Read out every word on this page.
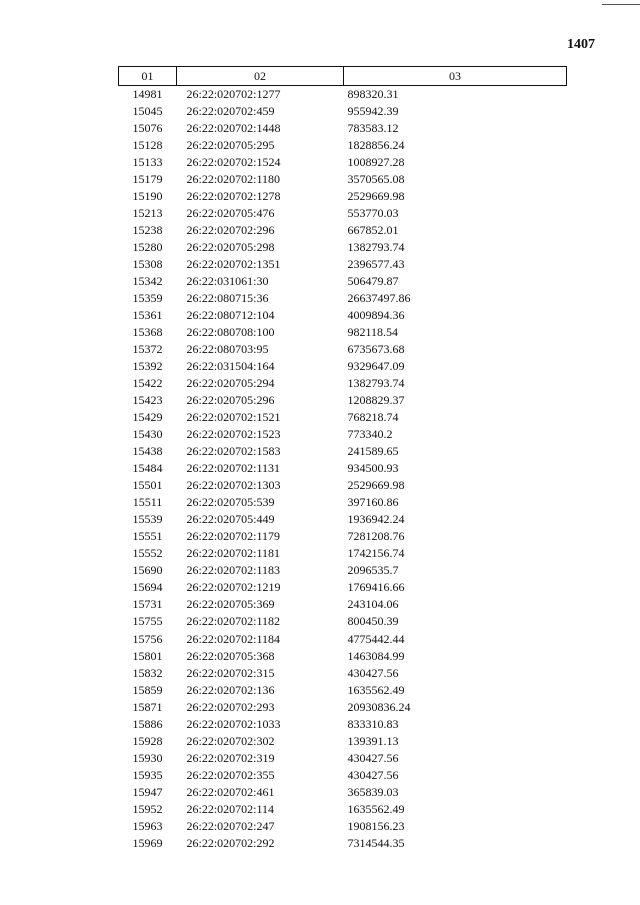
1407
01	02	03
14981	26:22:020702:1277	898320.31
15045	26:22:020702:459	955942.39
15076	26:22:020702:1448	783583.12
15128	26:22:020705:295	1828856.24
15133	26:22:020702:1524	1008927.28
15179	26:22:020702:1180	3570565.08
15190	26:22:020702:1278	2529669.98
15213	26:22:020705:476	553770.03
15238	26:22:020702:296	667852.01
15280	26:22:020705:298	1382793.74
15308	26:22:020702:1351	2396577.43
15342	26:22:031061:30	506479.87
15359	26:22:080715:36	26637497.86
15361	26:22:080712:104	4009894.36
15368	26:22:080708:100	982118.54
15372	26:22:080703:95	6735673.68
15392	26:22:031504:164	9329647.09
15422	26:22:020705:294	1382793.74
15423	26:22:020705:296	1208829.37
15429	26:22:020702:1521	768218.74
15430	26:22:020702:1523	773340.2
15438	26:22:020702:1583	241589.65
15484	26:22:020702:1131	934500.93
15501	26:22:020702:1303	2529669.98
15511	26:22:020705:539	397160.86
15539	26:22:020705:449	1936942.24
15551	26:22:020702:1179	7281208.76
15552	26:22:020702:1181	1742156.74
15690	26:22:020702:1183	2096535.7
15694	26:22:020702:1219	1769416.66
15731	26:22:020705:369	243104.06
15755	26:22:020702:1182	800450.39
15756	26:22:020702:1184	4775442.44
15801	26:22:020705:368	1463084.99
15832	26:22:020702:315	430427.56
15859	26:22:020702:136	1635562.49
15871	26:22:020702:293	20930836.24
15886	26:22:020702:1033	833310.83
15928	26:22:020702:302	139391.13
15930	26:22:020702:319	430427.56
15935	26:22:020702:355	430427.56
15947	26:22:020702:461	365839.03
15952	26:22:020702:114	1635562.49
15963	26:22:020702:247	1908156.23
15969	26:22:020702:292	7314544.35
